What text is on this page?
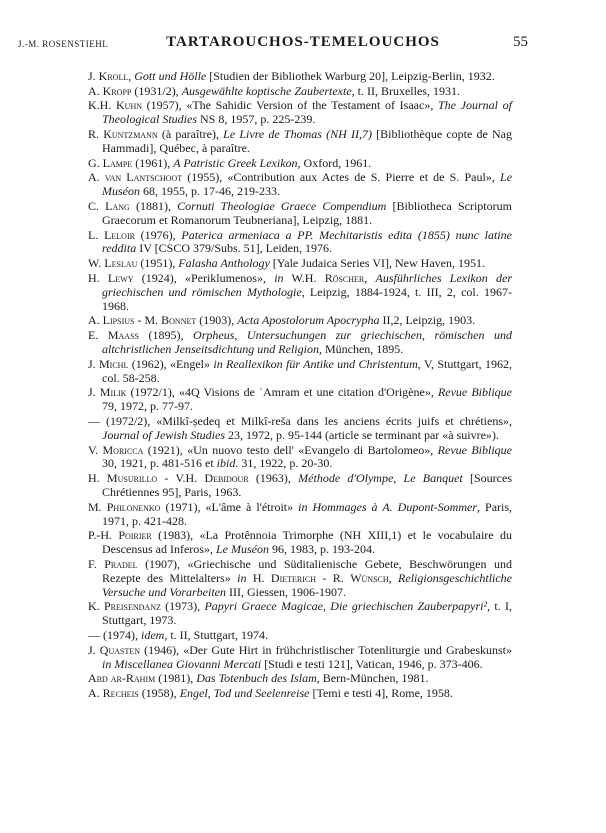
J.-M. ROSENSTIEHL	TARTAROUCHOS-TEMELOUCHOS	55
J. Kroll, Gott und Hölle [Studien der Bibliothek Warburg 20], Leipzig-Berlin, 1932.
A. Kropp (1931/2), Ausgewählte koptische Zaubertexte, t. II, Bruxelles, 1931.
K.H. Kuhn (1957), «The Sahidic Version of the Testament of Isaac», The Journal of Theological Studies NS 8, 1957, p. 225-239.
R. Kuntzmann (à paraître), Le Livre de Thomas (NH II,7) [Bibliothèque copte de Nag Hammadi], Québec, à paraître.
G. Lampe (1961), A Patristic Greek Lexikon, Oxford, 1961.
A. van Lantschoot (1955), «Contribution aux Actes de S. Pierre et de S. Paul», Le Muséon 68, 1955, p. 17-46, 219-233.
C. Lang (1881), Cornuti Theologiae Graece Compendium [Bibliotheca Scriptorum Graecorum et Romanorum Teubneriana], Leipzig, 1881.
L. Leloir (1976), Paterica armeniaca a PP. Mechitaristis edita (1855) nunc latine reddita IV [CSCO 379/Subs. 51], Leiden, 1976.
W. Leslau (1951), Falasha Anthology [Yale Judaica Series VI], New Haven, 1951.
H. Lewy (1924), «Periklumenos», in W.H. Röscher, Ausführliches Lexikon der griechischen und römischen Mythologie, Leipzig, 1884-1924, t. III, 2, col. 1967-1968.
A. Lipsius - M. Bonnet (1903), Acta Apostolorum Apocrypha II,2, Leipzig, 1903.
E. Maass (1895), Orpheus, Untersuchungen zur griechischen, römischen und altchristlichen Jenseitsdichtung und Religion, München, 1895.
J. Michl (1962), «Engel» in Reallexikon für Antike und Christentum, V, Stuttgart, 1962, col. 58-258.
J. Milik (1972/1), «4Q Visions de ʿAmram et une citation d'Origène», Revue Biblique 79, 1972, p. 77-97.
— (1972/2), «Milkî-ṣedeq et Milkî-reša dans les anciens écrits juifs et chrétiens», Journal of Jewish Studies 23, 1972, p. 95-144 (article se terminant par «à suivre»).
V. Moricca (1921), «Un nuovo testo dell' «Evangelo di Bartolomeo», Revue Biblique 30, 1921, p. 481-516 et ibid. 31, 1922, p. 20-30.
H. Musurillo - V.H. Debidour (1963), Méthode d'Olympe, Le Banquet [Sources Chrétiennes 95], Paris, 1963.
M. Philonenko (1971), «L'âme à l'étroit» in Hommages à A. Dupont-Sommer, Paris, 1971, p. 421-428.
P.-H. Poirier (1983), «La Protênnoia Trimorphe (NH XIII,1) et le vocabulaire du Descensus ad Inferos», Le Muséon 96, 1983, p. 193-204.
F. Pradel (1907), «Griechische und Süditalienische Gebete, Beschwörungen und Rezepte des Mittelalters» in H. Dieterich - R. Wünsch, Religionsgeschichtliche Versuche und Vorarbeiten III, Giessen, 1906-1907.
K. Preisendanz (1973), Papyri Graece Magicae, Die griechischen Zauberpapyri², t. I, Stuttgart, 1973.
— (1974), idem, t. II, Stuttgart, 1974.
J. Quasten (1946), «Der Gute Hirt in frühchristlischer Totenliturgie und Grabeskunst» in Miscellanea Giovanni Mercati [Studi e testi 121], Vatican, 1946, p. 373-406.
Abd ar-Rahim (1981), Das Totenbuch des Islam, Bern-München, 1981.
A. Recheis (1958), Engel, Tod und Seelenreise [Temi e testi 4], Rome, 1958.
